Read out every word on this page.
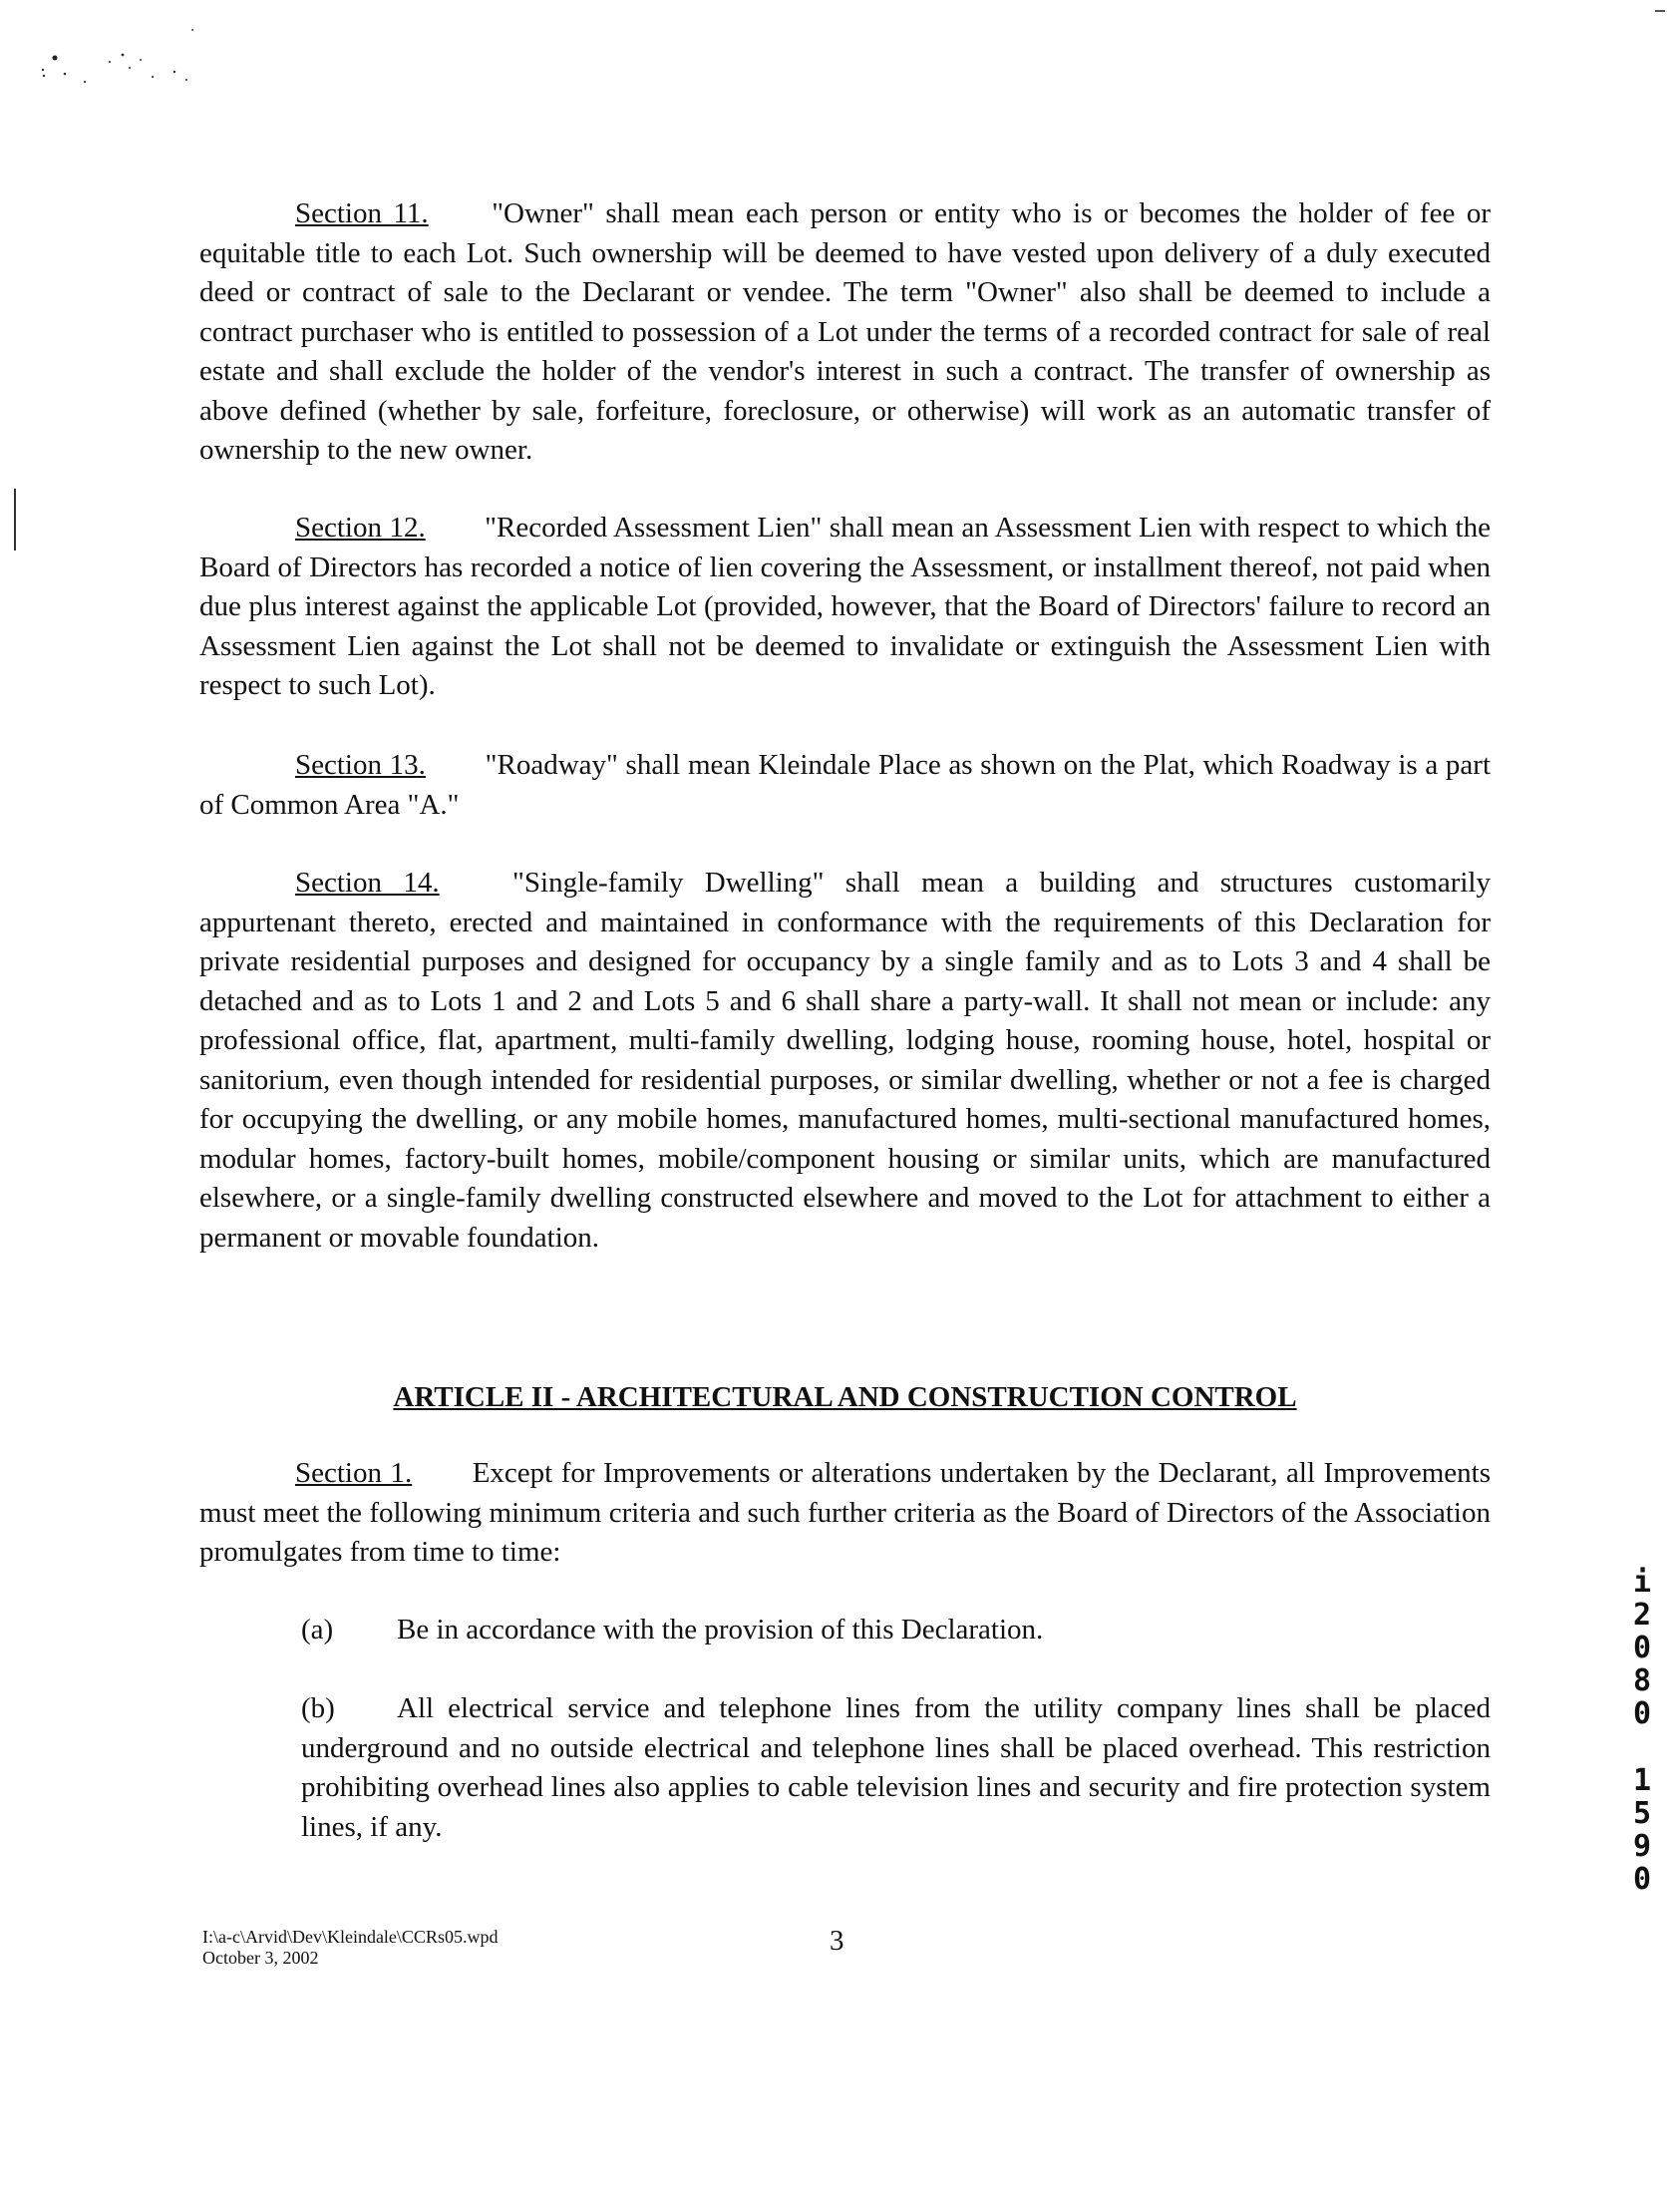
Section 11. "Owner" shall mean each person or entity who is or becomes the holder of fee or equitable title to each Lot. Such ownership will be deemed to have vested upon delivery of a duly executed deed or contract of sale to the Declarant or vendee. The term "Owner" also shall be deemed to include a contract purchaser who is entitled to possession of a Lot under the terms of a recorded contract for sale of real estate and shall exclude the holder of the vendor's interest in such a contract. The transfer of ownership as above defined (whether by sale, forfeiture, foreclosure, or otherwise) will work as an automatic transfer of ownership to the new owner.

Section 12. "Recorded Assessment Lien" shall mean an Assessment Lien with respect to which the Board of Directors has recorded a notice of lien covering the Assessment, or installment thereof, not paid when due plus interest against the applicable Lot (provided, however, that the Board of Directors' failure to record an Assessment Lien against the Lot shall not be deemed to invalidate or extinguish the Assessment Lien with respect to such Lot).

Section 13. "Roadway" shall mean Kleindale Place as shown on the Plat, which Roadway is a part of Common Area "A."

Section 14.	"Single-family Dwelling" shall mean a building and structures customarily appurtenant thereto, erected and maintained in conformance with the requirements of this Declaration for private residential purposes and designed for occupancy by a single family and as to Lots 3 and 4 shall be detached and as to Lots 1 and 2 and Lots 5 and 6 shall share a party-wall. It shall not mean or include: any professional office, flat, apartment, multi-family dwelling, lodging house, rooming house, hotel, hospital or sanitorium, even though intended for residential purposes, or similar dwelling, whether or not a fee is charged for occupying the dwelling, or any mobile homes, manufactured homes, multi-sectional manufactured homes, modular homes, factory-built homes, mobile/component housing or similar units, which are manufactured elsewhere, or a single-family dwelling constructed elsewhere and moved to the Lot for attachment to either a permanent or movable foundation.

ARTICLE II - ARCHITECTURAL AND CONSTRUCTION CONTROL

Section 1. Except for Improvements or alterations undertaken by the Declarant, all Improvements must meet the following minimum criteria and such further criteria as the Board of Directors of the Association promulgates from time to time:

(a) Be in accordance with the provision of this Declaration.

(b) All electrical service and telephone lines from the utility company lines shall be placed underground and no outside electrical and telephone lines shall be placed overhead. This restriction prohibiting overhead lines also applies to cable television lines and security and fire protection system lines, if any.

I:\a-c\Arvid\Dev\Kleindale\CCRs05.wpd
October 3, 2002
3
i
2
0
8
0
1
5
9
0
